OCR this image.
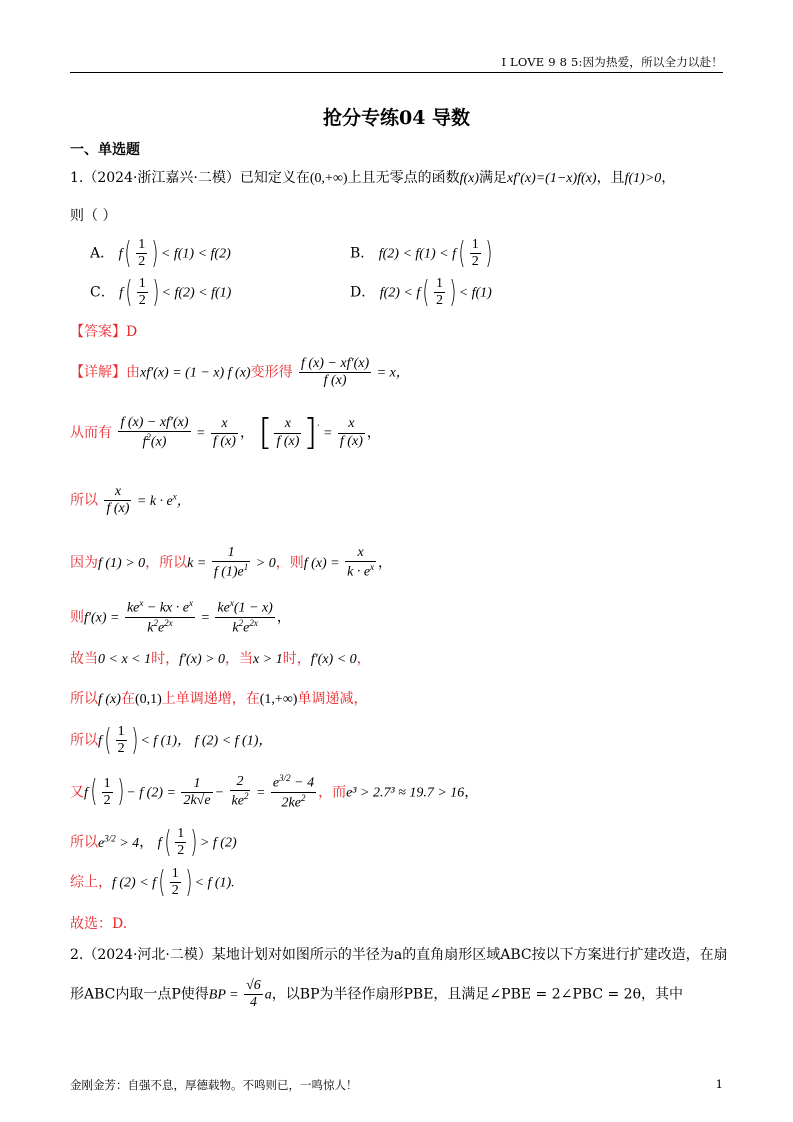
I LOVE 9 8 5:因为热爱，所以全力以赴！
抢分专练04 导数
一、单选题
1.（2024·浙江嘉兴·二模）已知定义在(0,+∞)上且无零点的函数f(x)满足xf′(x)=(1−x)f(x)，且f(1)>0，
则（ ）
A． $f( \frac{1}{2}$ ) < f(1) < f(2)	B． $f(2) < f(1) < f( \frac{1}{2}$ )
C． $f( \frac{1}{2}$ ) < f(2) < f(1)	D． $f(2) < f( \frac{1}{2}$ ) < f(1)
【答案】D
【详解】由xf′(x) = (1 − x) f (x)变形得 $\frac{f (x) - xf'(x)}{f (x)} = x$，
从而有 $\frac{f (x) - xf'(x)}{f^2(x)} = \frac{x}{f (x)}$ ， [ $\frac{x}{f (x)} ]' = \frac{x}{f (x)}$ ，
所以 $\frac{x}{f (x)} = k \cdot e^x$，
因为f (1) > 0，所以$k = \frac{1}{f (1)e^1} > 0$，则f $(x) = \frac{x}{k \cdot e^x}$ ，
则$f'(x) = \frac{ke^x - kx \cdot e^x}{k^2e^{2x}} = \frac{ke^x(1 - x)}{k^2e^{2x}}$ ，
故当0 < x < 1时，f′(x) > 0，当x > 1时，f′(x) < 0，
所以f (x)在(0,1)上单调递增，在(1,+∞)单调递减，
所以$f( \frac{1}{2}$ ) < f (1)， f (2) < f (1)，
又$f( \frac{1}{2}$ ) − f $(2) = \frac{1}{2k√e} - \frac{2}{ke^2} = \frac{e^{3/2} - 4}{2ke^2}$ ，而e³ > 2.7³ ≈ 19.7 > 16，
所以$e^{3/2} > 4$， $f( \frac{1}{2}$ ) > f (2)
综上，f $(2) < f( \frac{1}{2}$ ) < f (1).
故选：D.
2.（2024·河北·二模）某地计划对如图所示的半径为a的直角扇形区域ABC按以下方案进行扩建改造，在扇
形ABC内取一点P使得BP = $\frac{√6}{4}$ a，以BP为半径作扇形PBE，且满足∠PBE = 2∠PBC = 2θ，其中
金刚金芳：自强不息，厚德载物。不鸣则已，一鸣惊人！	1
